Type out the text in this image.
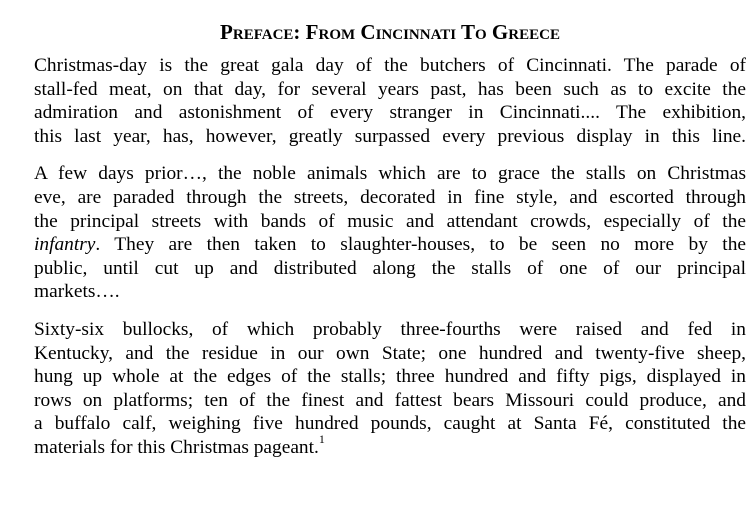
Preface: From Cincinnati To Greece
Christmas-day is the great gala day of the butchers of Cincinnati. The parade of
stall-fed meat, on that day, for several years past, has been such as to excite the
admiration and astonishment of every stranger in Cincinnati.... The exhibition,
this last year, has, however, greatly surpassed every previous display in this line.
A few days prior…, the noble animals which are to grace the stalls on Christmas
eve, are paraded through the streets, decorated in fine style, and escorted through
the principal streets with bands of music and attendant crowds, especially of the
infantry. They are then taken to slaughter-houses, to be seen no more by the
public, until cut up and distributed along the stalls of one of our principal
markets….
Sixty-six bullocks, of which probably three-fourths were raised and fed in
Kentucky, and the residue in our own State; one hundred and twenty-five sheep,
hung up whole at the edges of the stalls; three hundred and fifty pigs, displayed in
rows on platforms; ten of the finest and fattest bears Missouri could produce, and
a buffalo calf, weighing five hundred pounds, caught at Santa Fé, constituted the
materials for this Christmas pageant.$^1$
